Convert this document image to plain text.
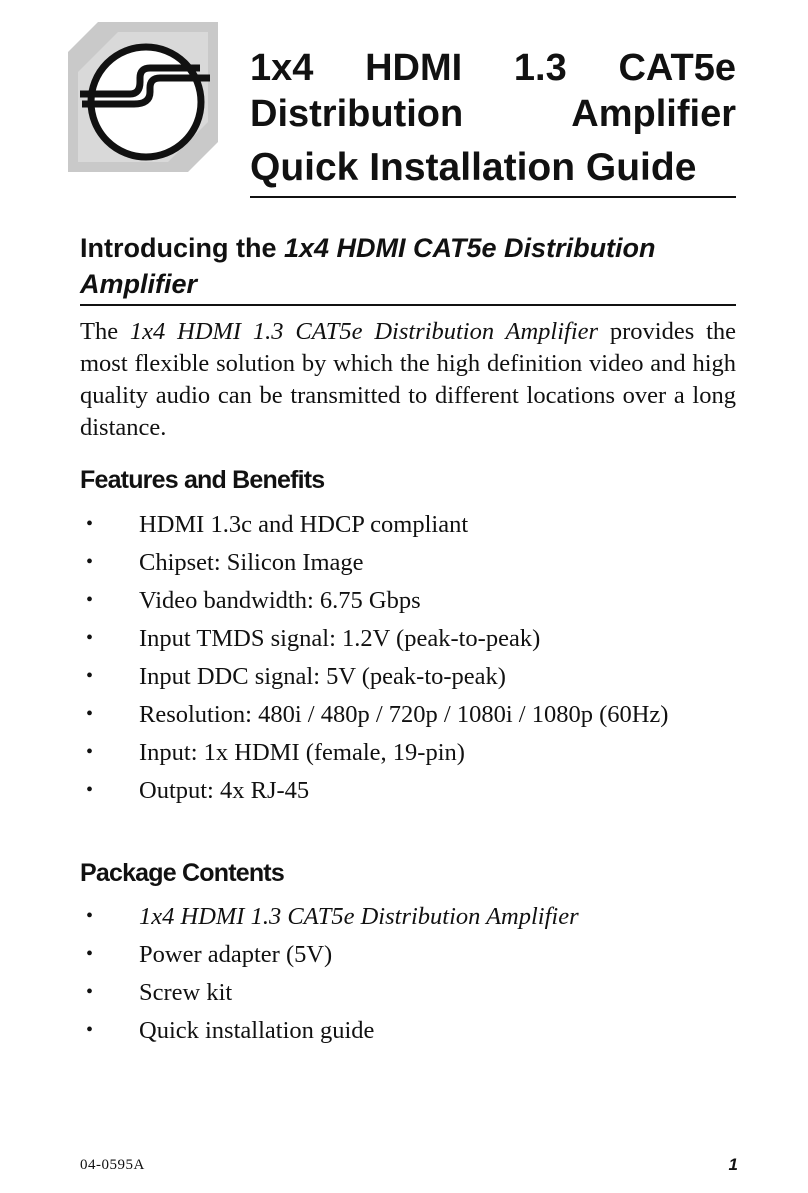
1x4 HDMI 1.3 CAT5e
Distribution	Amplifier
Quick Installation Guide
Introducing the 1x4 HDMI CAT5e Distribution Amplifier

The 1x4 HDMI 1.3 CAT5e Distribution Amplifier provides the most flexible solution by which the high definition video and high quality audio can be transmitted to different locations over a long distance.

Features and Benefits
•	HDMI 1.3c and HDCP compliant
•	Chipset: Silicon Image
•	Video bandwidth: 6.75 Gbps
•	Input TMDS signal: 1.2V (peak-to-peak)
•	Input DDC signal: 5V (peak-to-peak)
•	Resolution: 480i / 480p / 720p / 1080i / 1080p (60Hz)
•	Input: 1x HDMI (female, 19-pin)
•	Output: 4x RJ-45
Package Contents
•	1x4 HDMI 1.3 CAT5e Distribution Amplifier
•	Power adapter (5V)
•	Screw kit
•	Quick installation guide
04-0595A	1
